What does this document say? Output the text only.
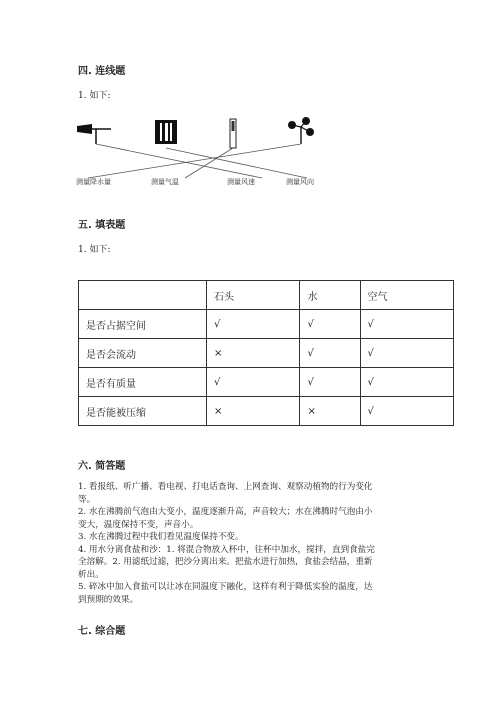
四. 连线题
1. 如下:
测量降水量	测量气温	测量风速	测量风向
五. 填表题
1. 如下:
	石头	水	空气
是否占据空间	√	√	√
是否会流动	×	√	√
是否有质量	√	√	√
是否能被压缩	×	×	√
六. 简答题
1. 看报纸、听广播、看电视、打电话查询、上网查询、观察动植物的行为变化
等。
2. 水在沸腾前气泡由大变小，温度逐渐升高，声音较大；水在沸腾时气泡由小
变大，温度保持不变，声音小。
3. 水在沸腾过程中我们看见温度保持不变。
4. 用水分离食盐和沙：1. 将混合物放入杯中，往杯中加水，搅拌，直到食盐完
全溶解。2. 用滤纸过滤，把沙分离出来。把盐水进行加热，食盐会结晶，重新
析出。
5. 碎冰中加入食盐可以让冰在同温度下融化，这样有利于降低实验的温度，达
到预期的效果。
七. 综合题
